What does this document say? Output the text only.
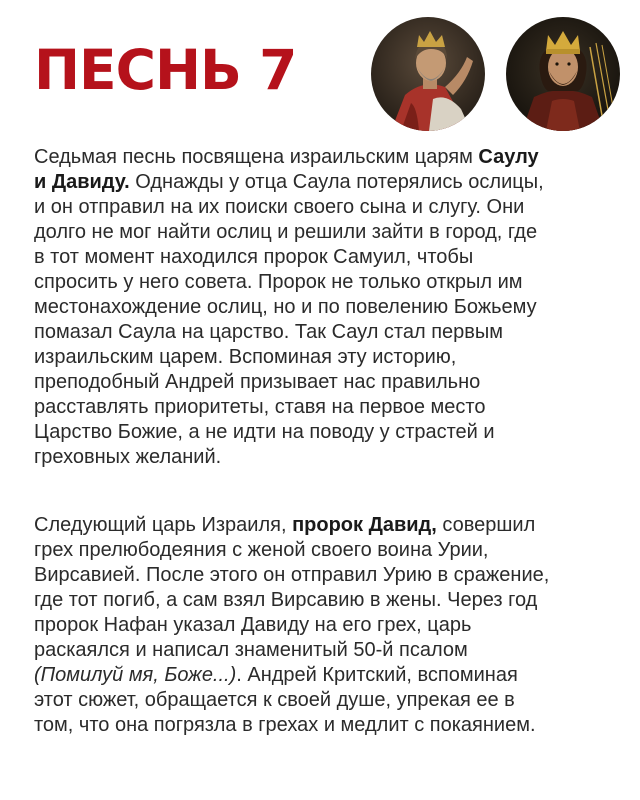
ПЕСНЬ 7

Седьмая песнь посвящена израильским царям Саулу
и Давиду. Однажды у отца Саула потерялись ослицы,
и он отправил на их поиски своего сына и слугу. Они
долго не мог найти ослиц и решили зайти в город, где
в тот момент находился пророк Самуил, чтобы
спросить у него совета. Пророк не только открыл им
местонахождение ослиц, но и по повелению Божьему
помазал Саула на царство. Так Саул стал первым
израильским царем. Вспоминая эту историю,
преподобный Андрей призывает нас правильно
расставлять приоритеты, ставя на первое место
Царство Божие, а не идти на поводу у страстей и
греховных желаний.

Следующий царь Израиля, пророк Давид, совершил
грех прелюбодеяния с женой своего воина Урии,
Вирсавией. После этого он отправил Урию в сражение,
где тот погиб, а сам взял Вирсавию в жены. Через год
пророк Нафан указал Давиду на его грех, царь
раскаялся и написал знаменитый 50-й псалом
(Помилуй мя, Боже...). Андрей Критский, вспоминая
этот сюжет, обращается к своей душе, упрекая ее в
том, что она погрязла в грехах и медлит с покаянием.
